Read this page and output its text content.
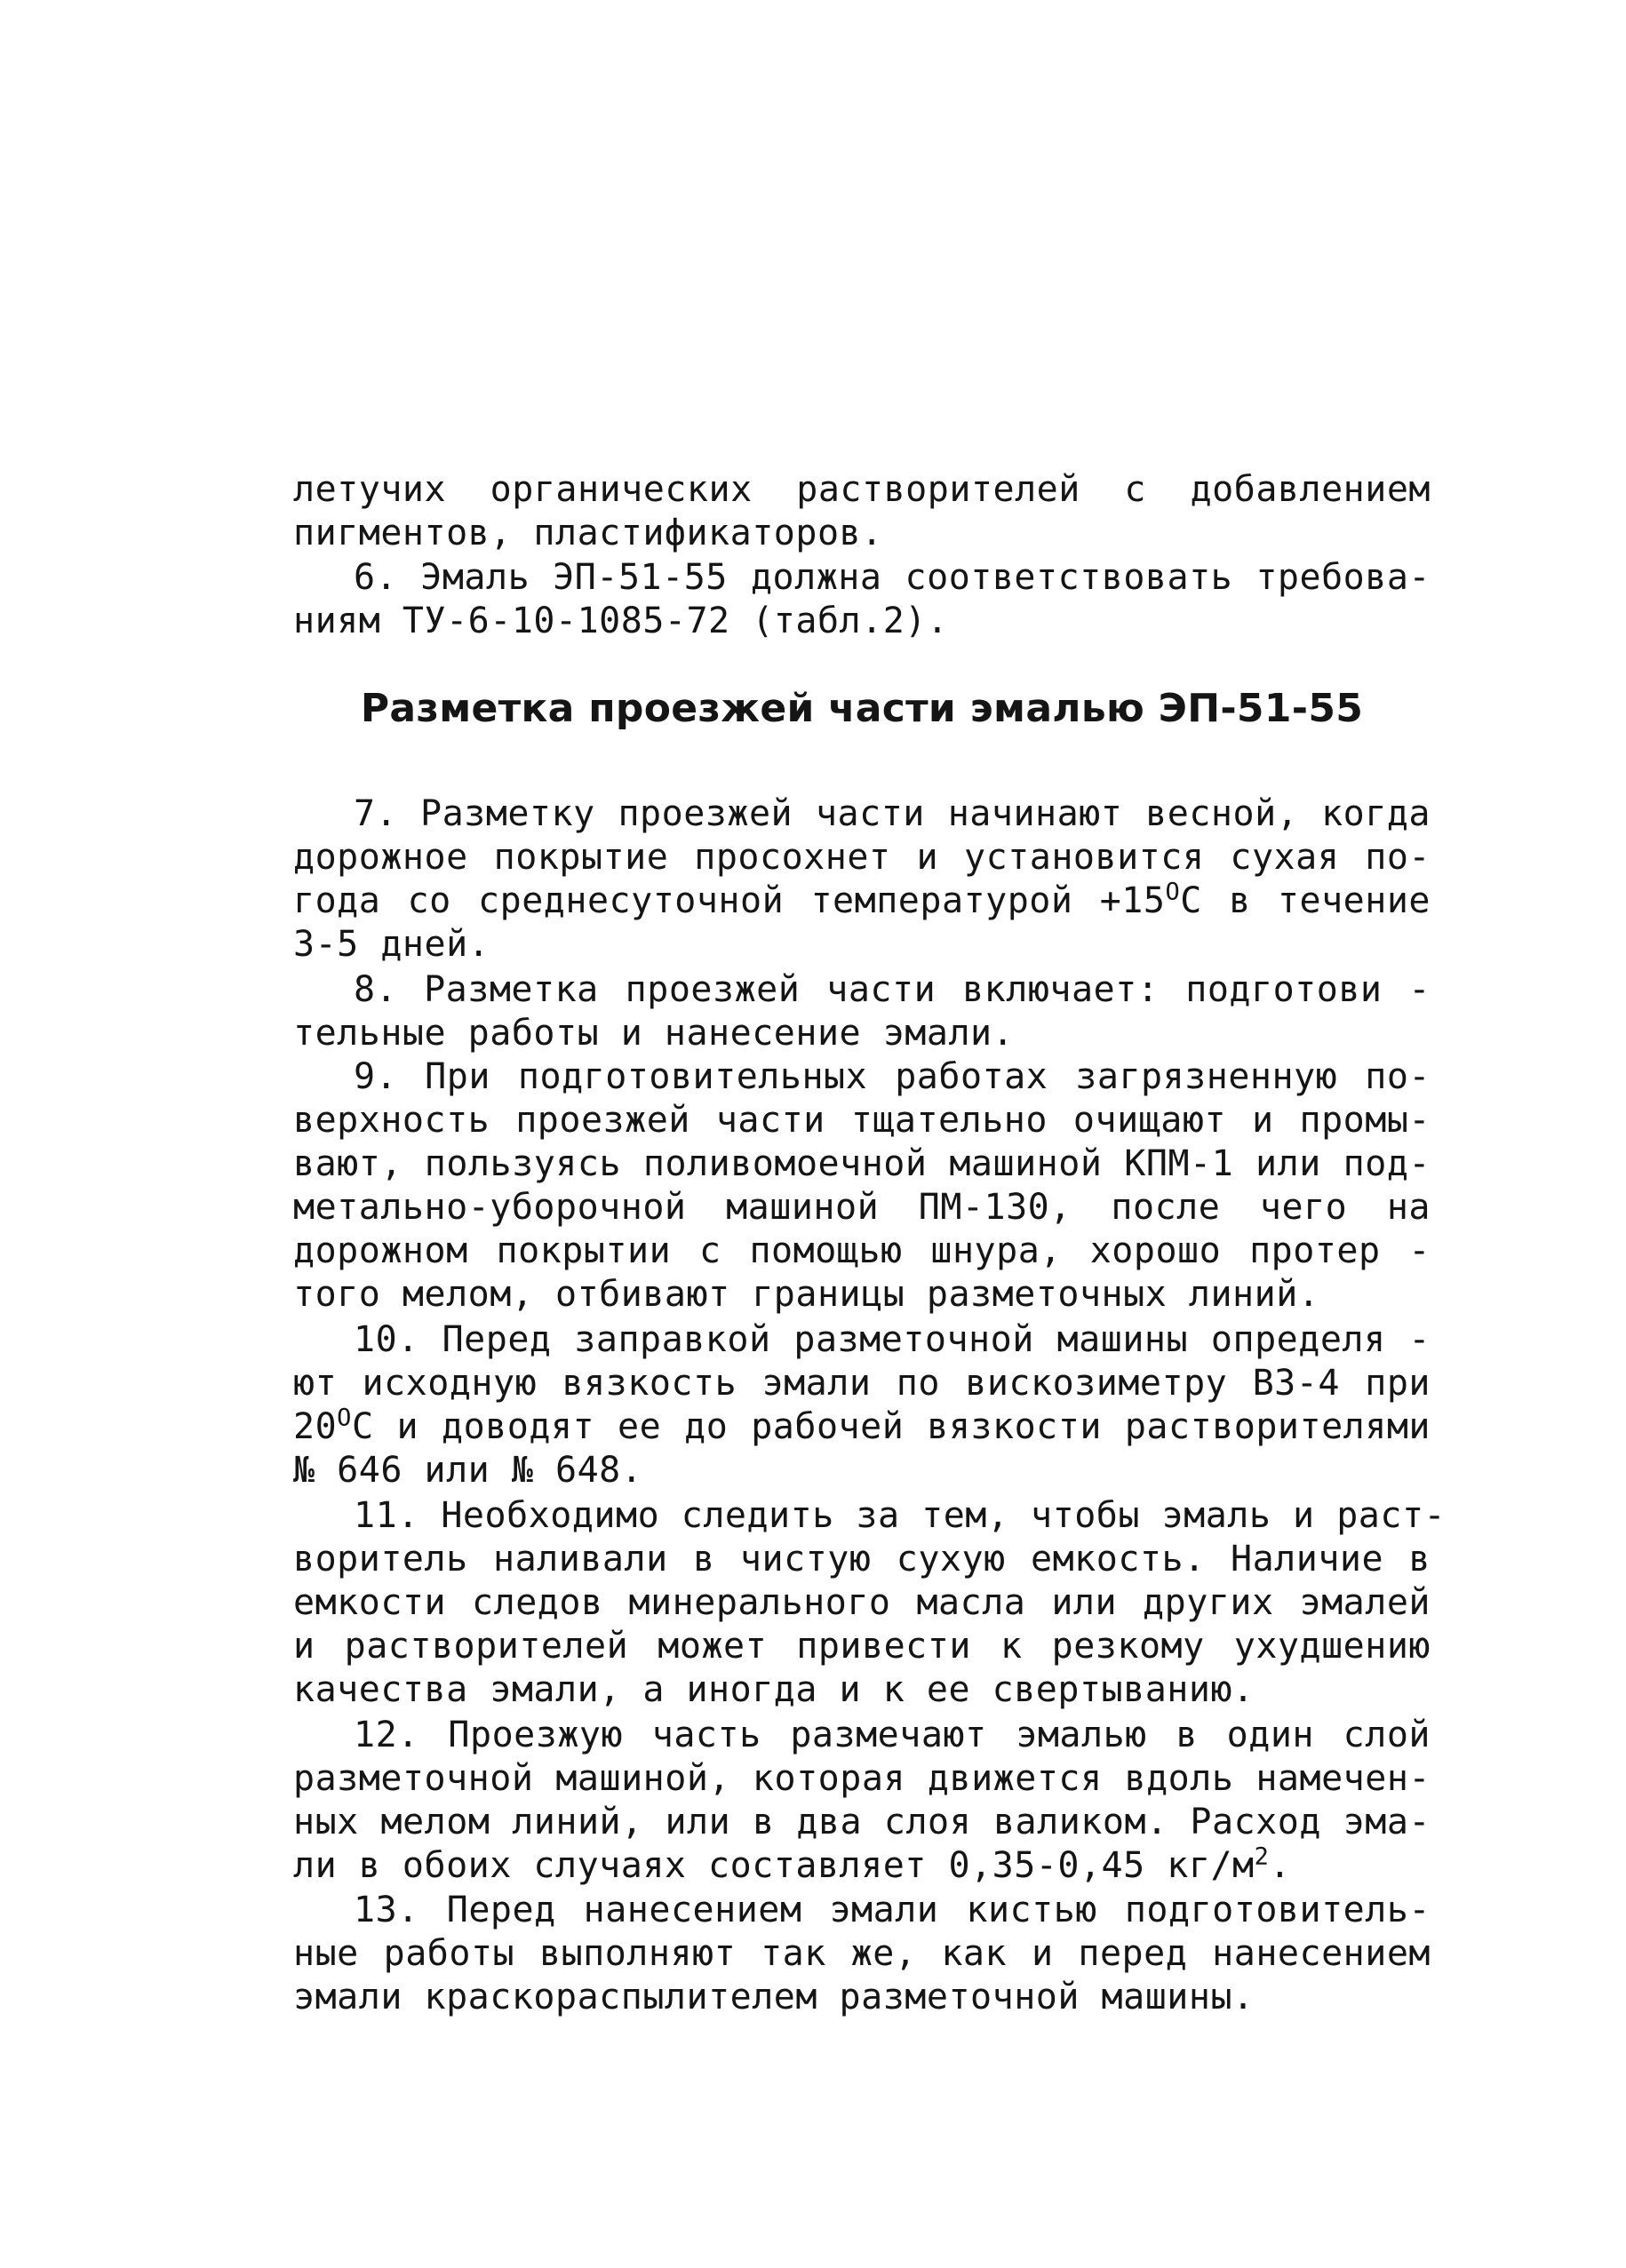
летучих органических растворителей с добавлением
пигментов, пластификаторов.
6. Эмаль ЭП-51-55 должна соответствовать требова-
ниям ТУ-6-10-1085-72 (табл.2).
Разметка проезжей части эмалью ЭП-51-55
7. Разметку проезжей части начинают весной, когда
дорожное покрытие просохнет и установится сухая по-
года со среднесуточной температурой $+15^ОС$ в течение
3-5 дней.
8. Разметка проезжей части включает: подготови -
тельные работы и нанесение эмали.
9. При подготовительных работах загрязненную по-
верхность проезжей части тщательно очищают и промы-
вают, пользуясь поливомоечной машиной КПМ-1 или под-
метально-уборочной машиной ПМ-130, после чего на
дорожном покрытии с помощью шнура, хорошо протер -
того мелом, отбивают границы разметочных линий.
10. Перед заправкой разметочной машины определя -
ют исходную вязкость эмали по вискозиметру ВЗ-4 при
$20^ОС$ и доводят ее до рабочей вязкости растворителями
№ 646 или № 648.
11. Необходимо следить за тем, чтобы эмаль и раст-
воритель наливали в чистую сухую емкость. Наличие в
емкости следов минерального масла или других эмалей
и растворителей может привести к резкому ухудшению
качества эмали, а иногда и к ее свертыванию.
12. Проезжую часть размечают эмалью в один слой
разметочной машиной, которая движется вдоль намечен-
ных мелом линий, или в два слоя валиком. Расход эма-
ли в обоих случаях составляет 0,35-0,45 $кг/м^2$.
13. Перед нанесением эмали кистью подготовитель-
ные работы выполняют так же, как и перед нанесением
эмали краскораспылителем разметочной машины.
